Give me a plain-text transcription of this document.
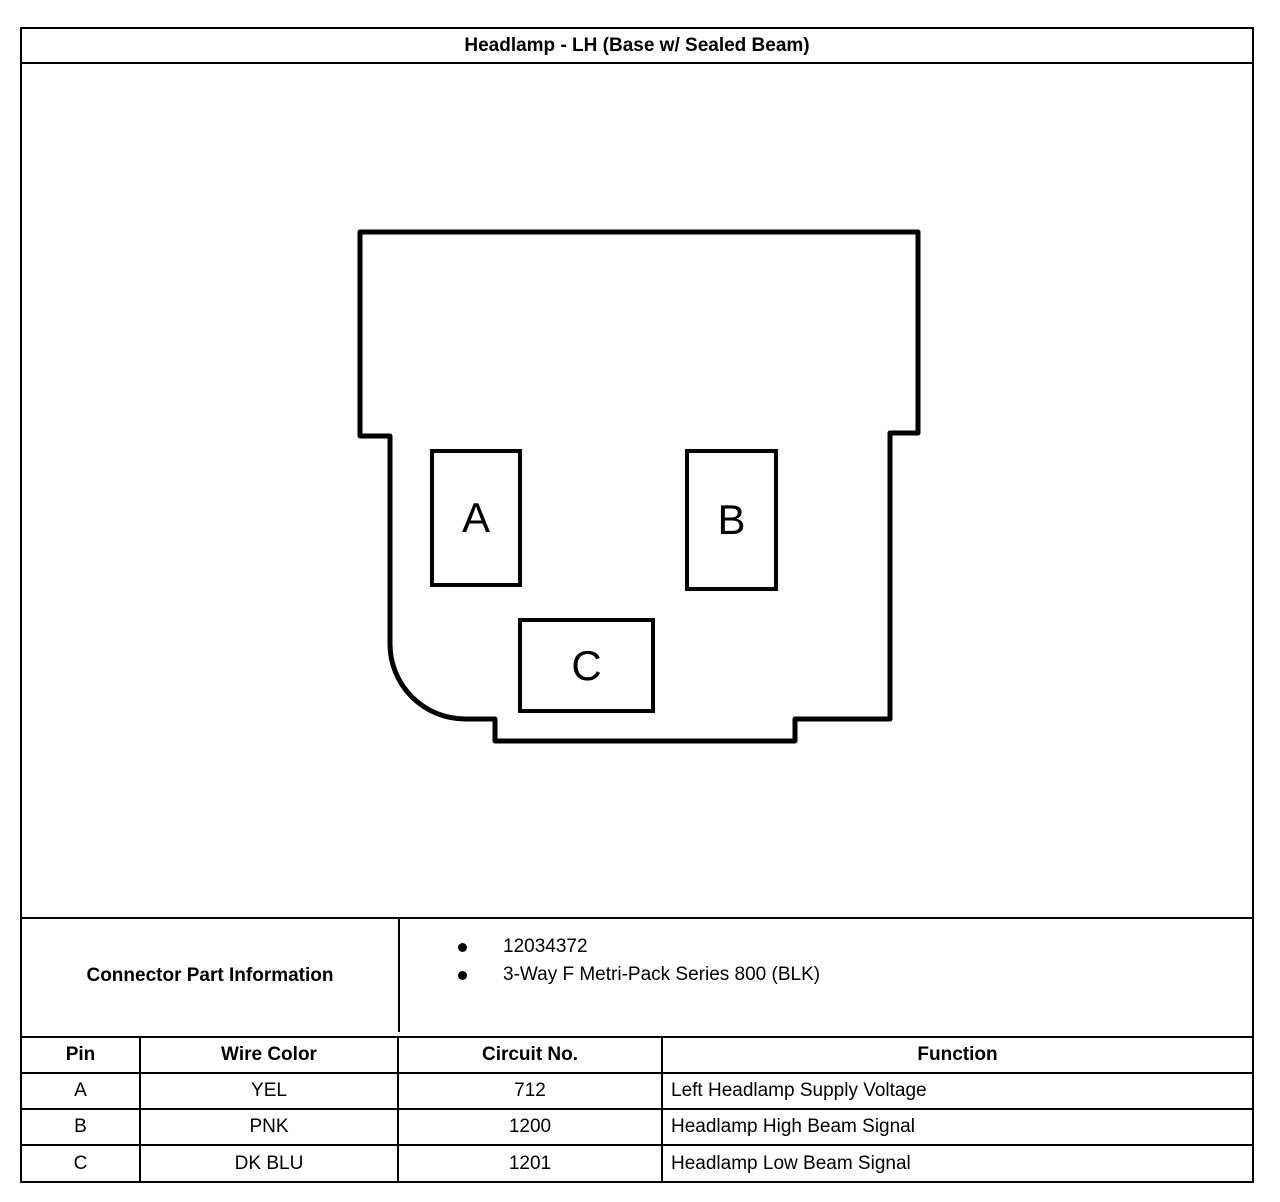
Headlamp - LH (Base w/ Sealed Beam)
A	B
C
Connector Part Information
12034372
3-Way F Metri-Pack Series 800 (BLK)
Pin	Wire Color	Circuit No.	Function
A	YEL	712	Left Headlamp Supply Voltage
B	PNK	1200	Headlamp High Beam Signal
C	DK BLU	1201	Headlamp Low Beam Signal
